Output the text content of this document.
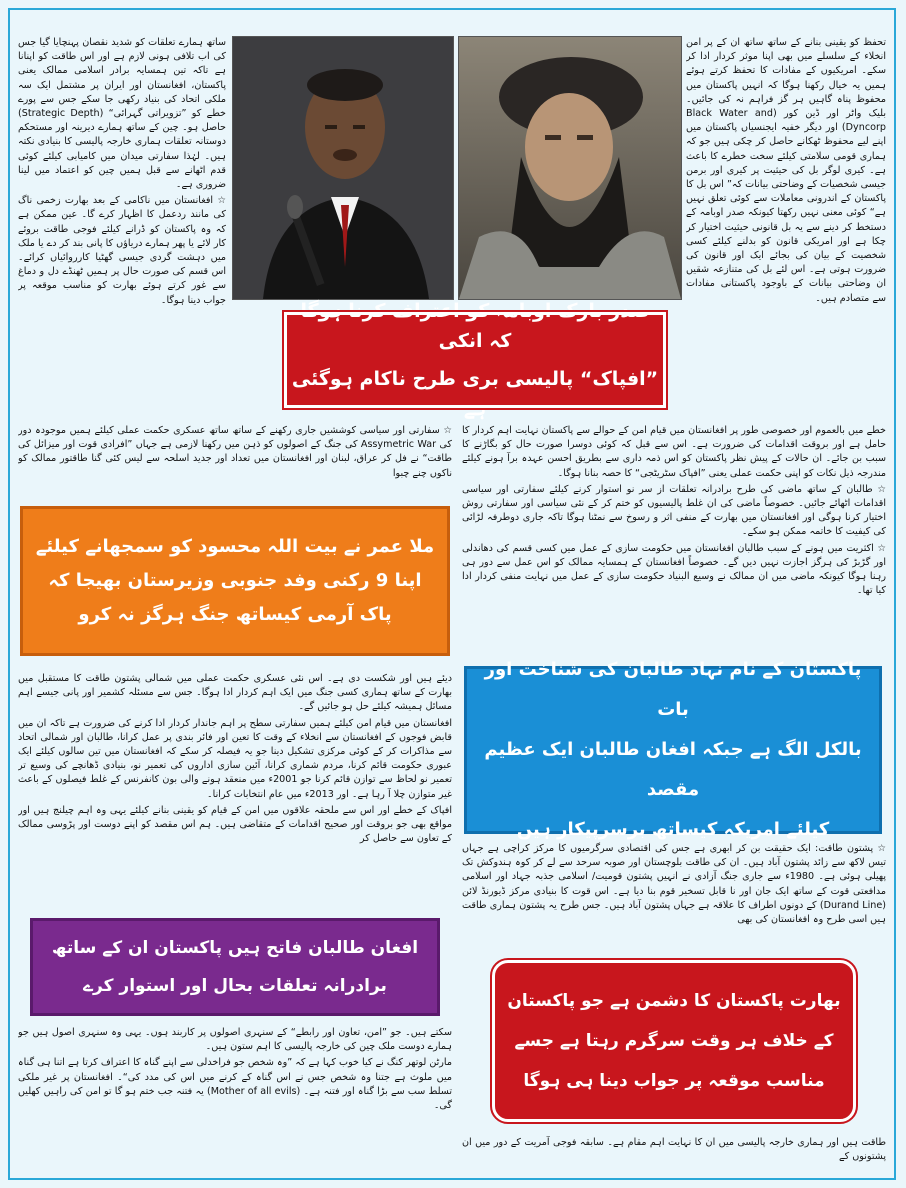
تحفظ کو یقینی بنانے کے ساتھ ساتھ ان کے پر امن انخلاء کے سلسلے میں بھی اپنا موثر کردار ادا کر سکے۔ امریکیوں کے مفادات کا تحفظ کرتے ہوئے ہمیں یہ خیال رکھنا ہوگا کہ انہیں پاکستان میں محفوظ پناہ گاہیں ہر گز فراہم نہ کی جائیں۔ بلیک واٹر اور ڈین کور (Black Water and Dyncorp) اور دیگر خفیہ ایجنسیاں پاکستان میں اپنے لیے محفوظ ٹھکانے حاصل کر چکی ہیں جو کہ ہماری قومی سلامتی کیلئے سخت خطرے کا باعث ہے۔ کیری لوگر بل کی حیثیت پر کیری اور برمن جیسی شخصیات کے وضاحتی بیانات کہ” اس بل کا پاکستان کے اندرونی معاملات سے کوئی تعلق نہیں ہے“ کوئی معنی نہیں رکھتا کیونکہ صدر اوبامہ کے دستخط کر دینے سے یہ بل قانونی حیثیت اختیار کر چکا ہے اور امریکی قانون کو بدلنے کیلئے کسی شخصیت کے بیان کی بجائے ایک اور قانون کی ضرورت ہوتی ہے۔ اس لئے بل کی متنازعہ شقیں ان وضاحتی بیانات کے باوجود پاکستانی مفادات سے متصادم ہیں۔

ساتھ ہمارے تعلقات کو شدید نقصان پہنچایا گیا جس کی اب تلافی ہونی لازم ہے اور اس طاقت کو اپنانا ہے تاکہ تین ہمسایہ برادر اسلامی ممالک یعنی پاکستان، افغانستان اور ایران پر مشتمل ایک سہ ملکی اتحاد کی بنیاد رکھی جا سکے جس سے پورے خطے کو ”تزویراتی گہرائی“ (Strategic Depth) حاصل ہو۔ چین کے ساتھ ہمارے دیرینہ اور مستحکم دوستانہ تعلقات ہماری خارجہ پالیسی کا بنیادی نکتہ ہیں۔ لہٰذا سفارتی میدان میں کامیابی کیلئے کوئی قدم اٹھانے سے قبل ہمیں چین کو اعتماد میں لینا ضروری ہے۔

☆ افغانستان میں ناکامی کے بعد بھارت زخمی ناگ کی مانند ردعمل کا اظہار کرے گا۔ عین ممکن ہے کہ وہ پاکستان کو ڈرانے کیلئے فوجی طاقت بروئے کار لائے یا پھر ہمارے دریاؤں کا پانی بند کر دے یا ملک میں دہشت گردی جیسی گھٹیا کارروائیاں کرائے۔ اس قسم کی صورت حال پر ہمیں ٹھنڈے دل و دماغ سے غور کرتے ہوئے بھارت کو مناسب موقعہ پر جواب دینا ہوگا۔	صدر بارک اوبامہ کو اعتراف کرنا ہوگا کہ انکی
”افپاک“ پالیسی بری طرح ناکام ہوگئی ہے

خطے میں بالعموم اور خصوصی طور پر افغانستان میں قیام امن کے حوالے سے پاکستان نہایت اہم کردار کا حامل ہے اور بروقت اقدامات کی ضرورت ہے۔ اس سے قبل کہ کوئی دوسرا صورت حال کو بگاڑنے کا سبب بن جائے۔ ان حالات کے پیش نظر پاکستان کو اس ذمہ داری سے بطریق احسن عہدہ برآ ہونے کیلئے مندرجہ ذیل نکات کو اپنی حکمت عملی یعنی ”افپاک سٹریٹجی“ کا حصہ بنانا ہوگا۔

☆ طالبان کے ساتھ ماضی کی طرح برادرانہ تعلقات از سر نو استوار کرنے کیلئے سفارتی اور سیاسی اقدامات اٹھائے جائیں۔ خصوصاً ماضی کی ان غلط پالیسیوں کو ختم کر کے نئی سیاسی اور سفارتی روش اختیار کرنا ہوگی اور افغانستان میں بھارت کے منفی اثر و رسوخ سے نمٹنا ہوگا تاکہ جاری دوطرفہ لڑائی کی کیفیت کا خاتمہ ممکن ہو سکے۔

☆ اکثریت میں ہونے کے سبب طالبان افغانستان میں حکومت سازی کے عمل میں کسی قسم کی دھاندلی اور گڑبڑ کی ہرگز اجازت نہیں دیں گے۔ خصوصاً افغانستان کے ہمسایہ ممالک کو اس عمل سے دور ہی رہنا ہوگا کیونکہ ماضی میں ان ممالک نے وسیع البنیاد حکومت سازی کے عمل میں نہایت منفی کردار ادا کیا تھا۔

☆ سفارتی اور سیاسی کوششیں جاری رکھنے کے ساتھ ساتھ عسکری حکمت عملی کیلئے ہمیں موجودہ دور کی Assymetric War کی جنگ کے اصولوں کو ذہن میں رکھنا لازمی ہے جہاں ”افرادی قوت اور میزائل کی طاقت“ نے فل کر عراق، لبنان اور افغانستان میں تعداد اور جدید اسلحہ سے لیس کئی گنا طاقتور ممالک کو ناکوں چنے چبوا

ملا عمر نے بیت اللہ محسود کو سمجھانے کیلئے
اپنا 9 رکنی وفد جنوبی وزیرستان بھیجا کہ
پاک آرمی کیساتھ جنگ ہرگز نہ کرو

دیئے ہیں اور شکست دی ہے۔ اس نئی عسکری حکمت عملی میں شمالی پشتون طاقت کا مستقبل میں بھارت کے ساتھ ہماری کسی جنگ میں ایک اہم کردار ادا ہوگا۔ جس سے مسئلہ کشمیر اور پانی جیسے اہم مسائل ہمیشہ کیلئے حل ہو جائیں گے۔

افغانستان میں قیام امن کیلئے ہمیں سفارتی سطح پر اہم جاندار کردار ادا کرنے کی ضرورت ہے تاکہ ان میں قابض فوجوں کے افغانستان سے انخلاء کے وقت کا تعین اور فائر بندی پر عمل کرانا، طالبان اور شمالی اتحاد سے مذاکرات کر کے کوئی مرکزی تشکیل دینا جو یہ فیصلہ کر سکے کہ افغانستان میں تین سالوں کیلئے ایک عبوری حکومت قائم کرنا، مردم شماری کرانا، آئین سازی اداروں کی تعمیر نو، بنیادی ڈھانچے کی وسیع تر تعمیر نو لحاظ سے توازن قائم کرنا جو 2001ء میں منعقد ہونے والی بون کانفرنس کے غلط فیصلوں کے باعث غیر متوازن چلا آ رہا ہے۔ اور 2013ء میں عام انتخابات کرانا۔

افپاک کے خطے اور اس سے ملحقہ علاقوں میں امن کے قیام کو یقینی بنانے کیلئے یہی وہ اہم چیلنج ہیں اور مواقع بھی جو بروقت اور صحیح اقدامات کے متقاضی ہیں۔ ہم اس مقصد کو اپنے دوست اور پڑوسی ممالک کے تعاون سے حاصل کر

پاکستان کے نام نہاد طالبان کی شناخت اور بات
بالکل الگ ہے جبکہ افغان طالبان ایک عظیم مقصد
کیلئے امریکہ کیساتھ برسرپیکار ہیں

☆ پشتون طاقت: ایک حقیقت بن کر ابھری ہے جس کی اقتصادی سرگرمیوں کا مرکز کراچی ہے جہاں تیس لاکھ سے زائد پشتون آباد ہیں۔ ان کی طاقت بلوچستان اور صوبہ سرحد سے لے کر کوہ ہندوکش تک پھیلی ہوئی ہے۔ 1980ء سے جاری جنگ آزادی نے انہیں پشتون قومیت/ اسلامی جذبہ جہاد اور اسلامی مدافعتی قوت کے ساتھ ایک جان اور نا قابل تسخیر قوم بنا دیا ہے۔ اس قوت کا بنیادی مرکز ڈیورنڈ لائن (Durand Line) کے دونوں اطراف کا علاقہ ہے جہاں پشتون آباد ہیں۔ جس طرح یہ پشتون ہماری طاقت ہیں اسی طرح وہ افغانستان کی بھی

افغان طالبان فاتح ہیں پاکستان ان کے ساتھ
برادرانہ تعلقات بحال اور استوار کرے

سکتے ہیں۔ جو ”امن، تعاون اور رابطے“ کے سنہری اصولوں پر کاربند ہوں۔ یہی وہ سنہری اصول ہیں جو ہمارے دوست ملک چین کی خارجہ پالیسی کا اہم ستون ہیں۔

مارٹن لوتھر کنگ نے کیا خوب کہا ہے کہ ”وہ شخص جو فراخدلی سے اپنے گناہ کا اعتراف کرتا ہے اتنا ہی گناہ میں ملوث ہے جتنا وہ شخص جس نے اس گناہ کے کرنے میں اس کی مدد کی“۔ افغانستان پر غیر ملکی تسلط سب سے بڑا گناہ اور فتنہ ہے۔ (Mother of all evils) یہ فتنہ جب ختم ہو گا تو امن کی راہیں کھلیں گی۔

بھارت پاکستان کا دشمن ہے جو پاکستان
کے خلاف ہر وقت سرگرم رہتا ہے جسے
مناسب موقعہ پر جواب دینا ہی ہوگا

طاقت ہیں اور ہماری خارجہ پالیسی میں ان کا نہایت اہم مقام ہے۔ سابقہ فوجی آمریت کے دور میں ان پشتونوں کے
